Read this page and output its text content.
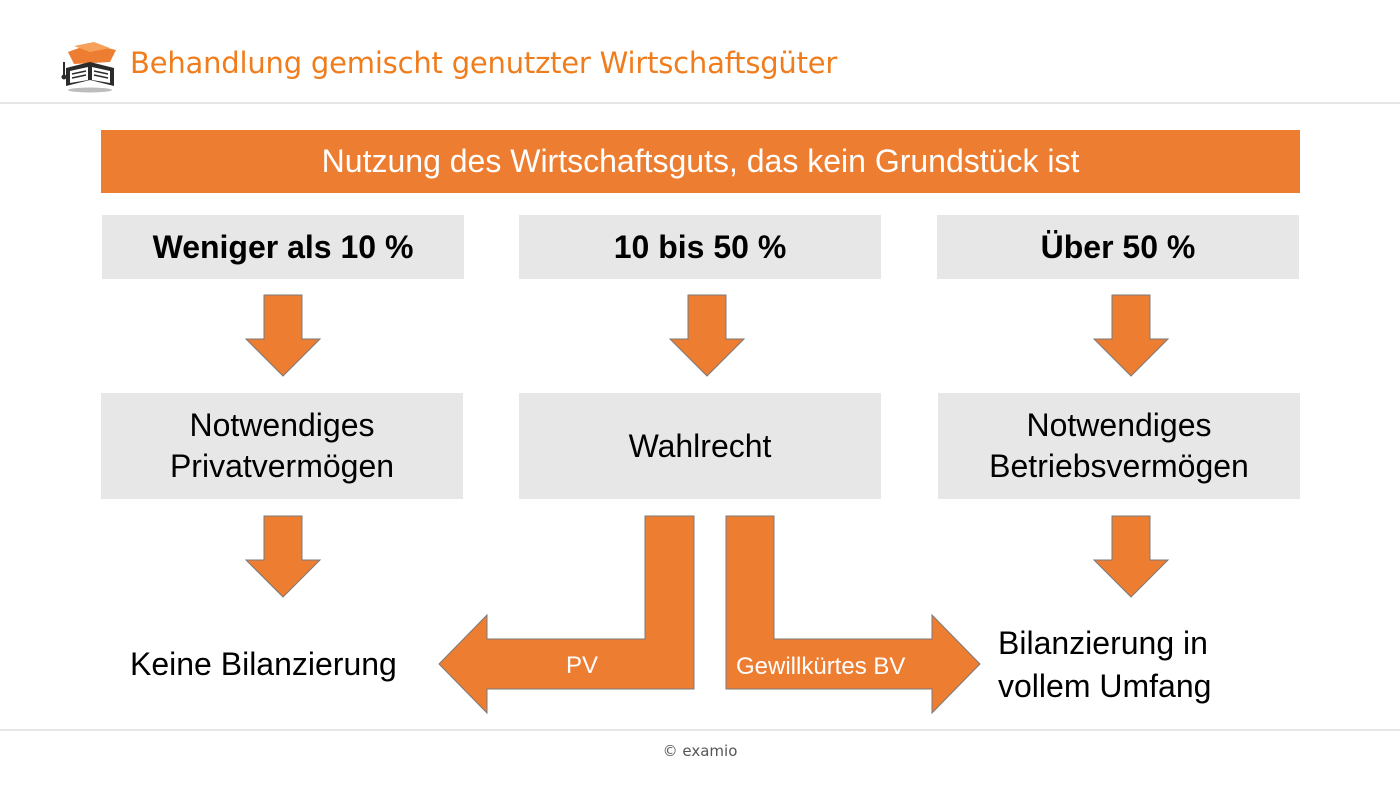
Behandlung gemischt genutzter Wirtschaftsgüter
Nutzung des Wirtschaftsguts, das kein Grundstück ist
Weniger als 10 %	10 bis 50 %	Über 50 %
Notwendiges
Privatvermögen
Wahlrecht
Notwendiges
Betriebsvermögen
PV	Gewillkürtes BV
Keine Bilanzierung
Bilanzierung in
vollem Umfang
© examio
